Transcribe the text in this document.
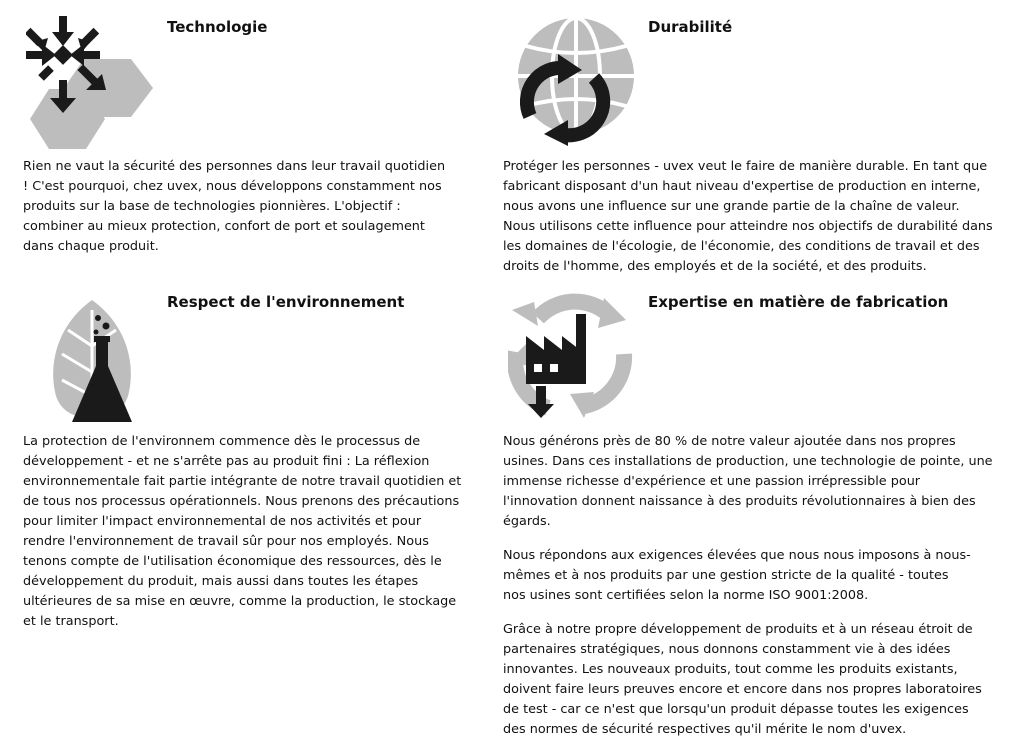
Technologie

Rien ne vaut la sécurité des personnes dans leur travail quotidien ! C'est pourquoi, chez uvex, nous développons constamment nos produits sur la base de technologies pionnières. L'objectif : combiner au mieux protection, confort de port et soulagement dans chaque produit.

Durabilité

Protéger les personnes - uvex veut le faire de manière durable. En tant que fabricant disposant d'un haut niveau d'expertise de production en interne, nous avons une influence sur une grande partie de la chaîne de valeur. Nous utilisons cette influence pour atteindre nos objectifs de durabilité dans les domaines de l'écologie, de l'économie, des conditions de travail et des droits de l'homme, des employés et de la société, et des produits.

Respect de l'environnement

La protection de l'environnem commence dès le processus de développement - et ne s'arrête pas au produit fini : La réflexion environnementale fait partie intégrante de notre travail quotidien et de tous nos processus opérationnels. Nous prenons des précautions pour limiter l'impact environnemental de nos activités et pour rendre l'environnement de travail sûr pour nos employés. Nous tenons compte de l'utilisation économique des ressources, dès le développement du produit, mais aussi dans toutes les étapes ultérieures de sa mise en œuvre, comme la production, le stockage et le transport.

Expertise en matière de fabrication

Nous générons près de 80 % de notre valeur ajoutée dans nos propres usines. Dans ces installations de production, une technologie de pointe, une immense richesse d'expérience et une passion irrépressible pour l'innovation donnent naissance à des produits révolutionnaires à bien des égards.

Nous répondons aux exigences élevées que nous nous imposons à nous-mêmes et à nos produits par une gestion stricte de la qualité - toutes nos usines sont certifiées selon la norme ISO 9001:2008.

Grâce à notre propre développement de produits et à un réseau étroit de partenaires stratégiques, nous donnons constamment vie à des idées innovantes. Les nouveaux produits, tout comme les produits existants, doivent faire leurs preuves encore et encore dans nos propres laboratoires de test - car ce n'est que lorsqu'un produit dépasse toutes les exigences des normes de sécurité respectives qu'il mérite le nom d'uvex.
